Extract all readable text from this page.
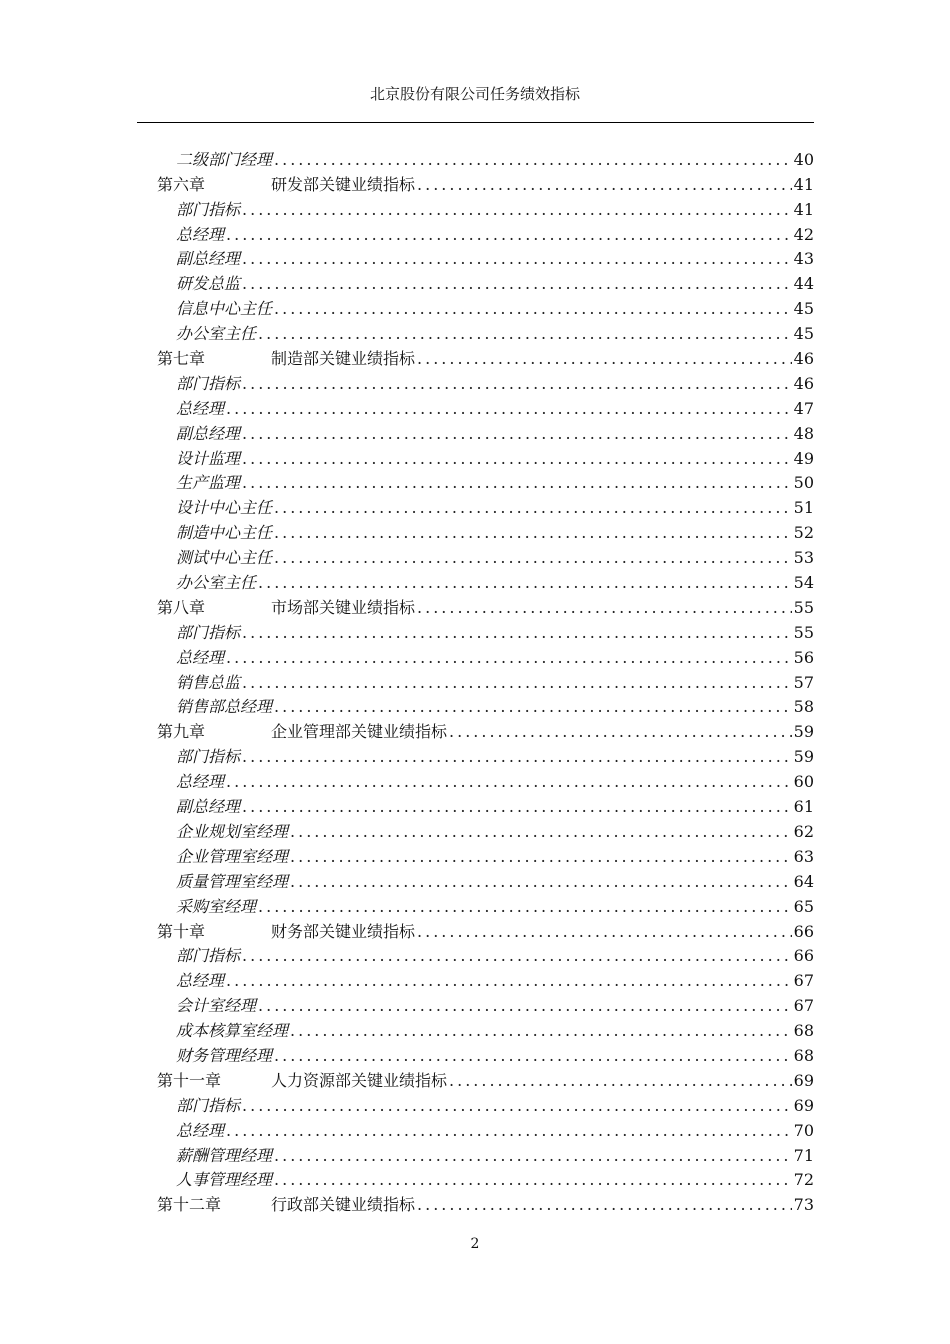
北京股份有限公司任务绩效指标
二级部门经理 .....	40
第六章	研发部关键业绩指标 .....	41
部门指标 .....	41
总经理 .....	42
副总经理 .....	43
研发总监 .....	44
信息中心主任 .....	45
办公室主任 .....	45
第七章	制造部关键业绩指标 .....	46
部门指标 .....	46
总经理 .....	47
副总经理 .....	48
设计监理 .....	49
生产监理 .....	50
设计中心主任 .....	51
制造中心主任 .....	52
测试中心主任 .....	53
办公室主任 .....	54
第八章	市场部关键业绩指标 .....	55
部门指标 .....	55
总经理 .....	56
销售总监 .....	57
销售部总经理 .....	58
第九章	企业管理部关键业绩指标 .....	59
部门指标 .....	59
总经理 .....	60
副总经理 .....	61
企业规划室经理 .....	62
企业管理室经理 .....	63
质量管理室经理 .....	64
采购室经理 .....	65
第十章	财务部关键业绩指标 .....	66
部门指标 .....	66
总经理 .....	67
会计室经理 .....	67
成本核算室经理 .....	68
财务管理经理 .....	68
第十一章	人力资源部关键业绩指标 .....	69
部门指标 .....	69
总经理 .....	70
薪酬管理经理 .....	71
人事管理经理 .....	72
第十二章	行政部关键业绩指标 .....	73
2
